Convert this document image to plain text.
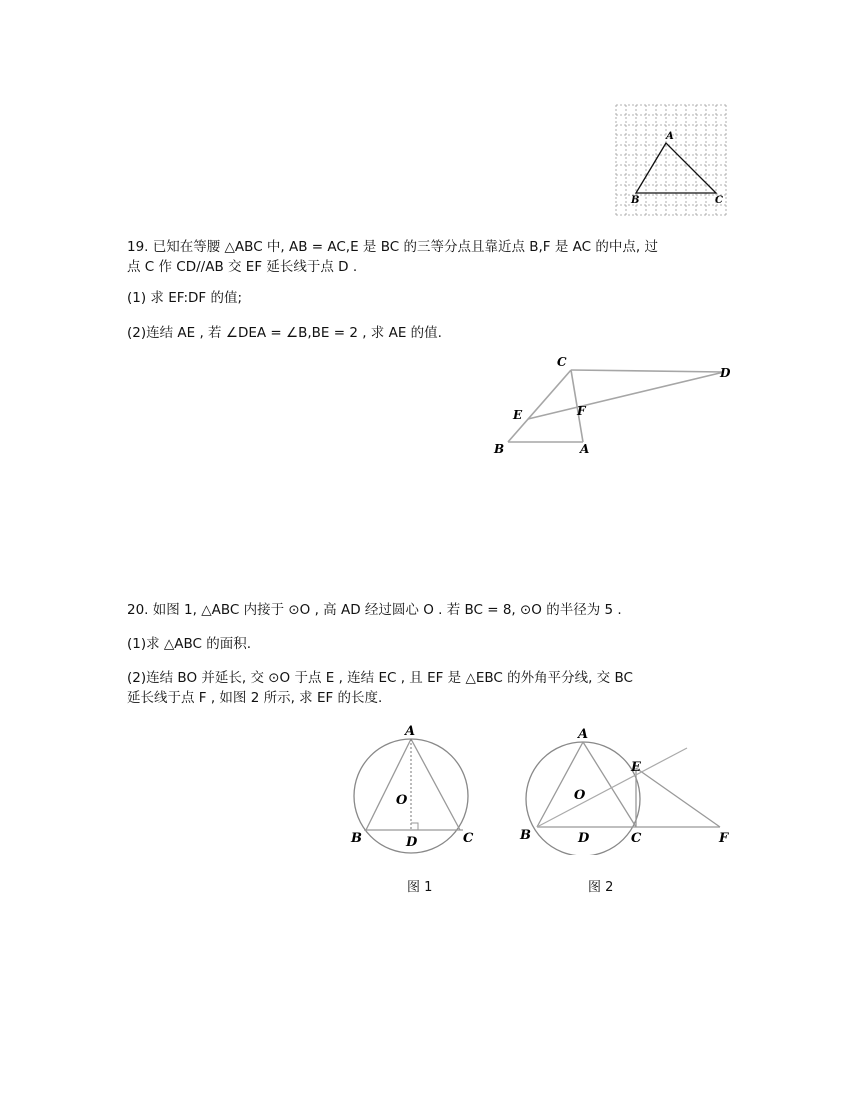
A
B	C
19. 已知在等腰 △ABC 中, AB = AC,E 是 BC 的三等分点且靠近点 B,F 是 AC 的中点, 过
点 C 作 CD//AB 交 EF 延长线于点 D .
(1) 求 EF:DF 的值;
(2)连结 AE , 若 ∠DEA = ∠B,BE = 2 , 求 AE 的值.
C
D
E	F
B	A
20. 如图 1, △ABC 内接于 ⊙O , 高 AD 经过圆心 O . 若 BC = 8, ⊙O 的半径为 5 .
(1)求 △ABC 的面积.
(2)连结 BO 并延长, 交 ⊙O 于点 E , 连结 EC , 且 EF 是 △EBC 的外角平分线, 交 BC
延长线于点 F , 如图 2 所示, 求 EF 的长度.
A
O
B	D	C
A
E
O
B	D	C	F
图 1	图 2
